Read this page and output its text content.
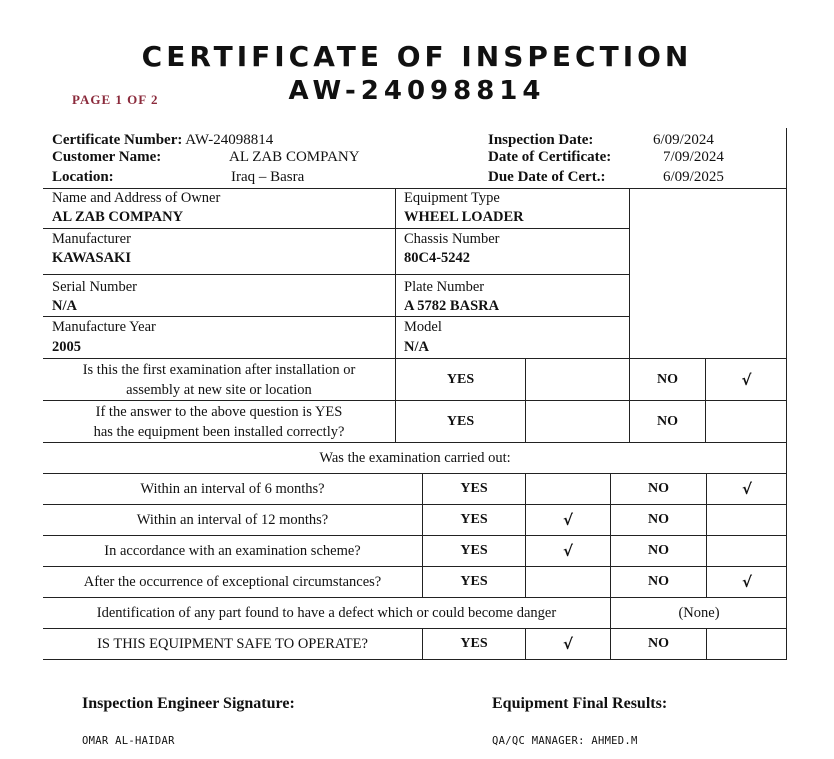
CERTIFICATE OF INSPECTION
AW-24098814
PAGE 1 OF 2
Certificate Number: AW-24098814
Customer Name:	AL ZAB COMPANY
Location:	Iraq – Basra
Inspection Date:	6/09/2024
Date of Certificate:	7/09/2024
Due Date of Cert.:	6/09/2025
Name and Address of Owner
AL ZAB COMPANY
Equipment Type
WHEEL LOADER
Manufacturer
KAWASAKI
Chassis Number
80C4-5242
Serial Number
N/A
Plate Number
A 5782 BASRA
Manufacture Year
2005
Model
N/A
Is this the first examination after installation or
assembly at new site or location
YES	NO	√
If the answer to the above question is YES
has the equipment been installed correctly?
YES	NO
Was the examination carried out:
Within an interval of 6 months?	YES	NO	√
Within an interval of 12 months?	YES	√	NO
In accordance with an examination scheme?	YES	√	NO
After the occurrence of exceptional circumstances?	YES	NO	√
Identification of any part found to have a defect which or could become danger	(None)
IS THIS EQUIPMENT SAFE TO OPERATE?	YES	√	NO
Inspection Engineer Signature:	Equipment Final Results:
OMAR AL-HAIDAR	QA/QC MANAGER: AHMED.M
